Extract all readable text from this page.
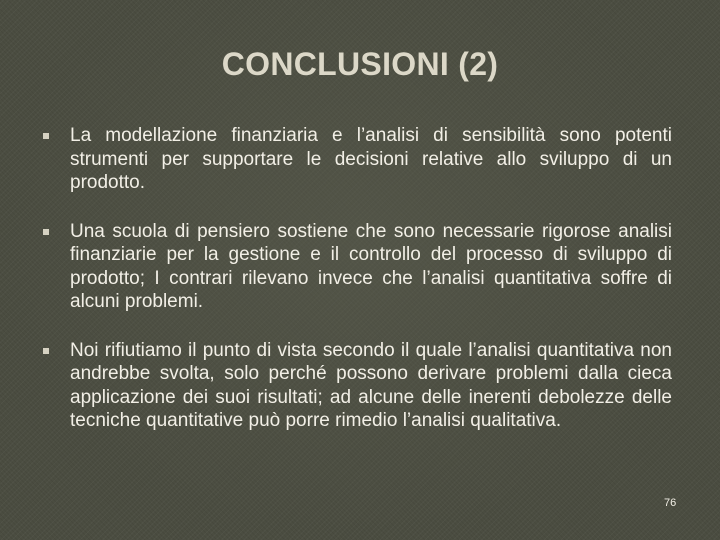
CONCLUSIONI (2)
La modellazione finanziaria e l’analisi di sensibilità sono potenti strumenti per supportare le decisioni relative allo sviluppo di un prodotto.
Una scuola di pensiero sostiene che sono necessarie rigorose analisi finanziarie per la gestione e il controllo del processo di sviluppo di prodotto; I contrari rilevano invece che l’analisi quantitativa soffre di alcuni problemi.
Noi rifiutiamo il punto di vista secondo il quale l’analisi quantitativa non andrebbe svolta, solo perché possono derivare problemi dalla cieca applicazione dei suoi risultati; ad alcune delle inerenti debolezze delle tecniche quantitative può porre rimedio l’analisi qualitativa.
76
